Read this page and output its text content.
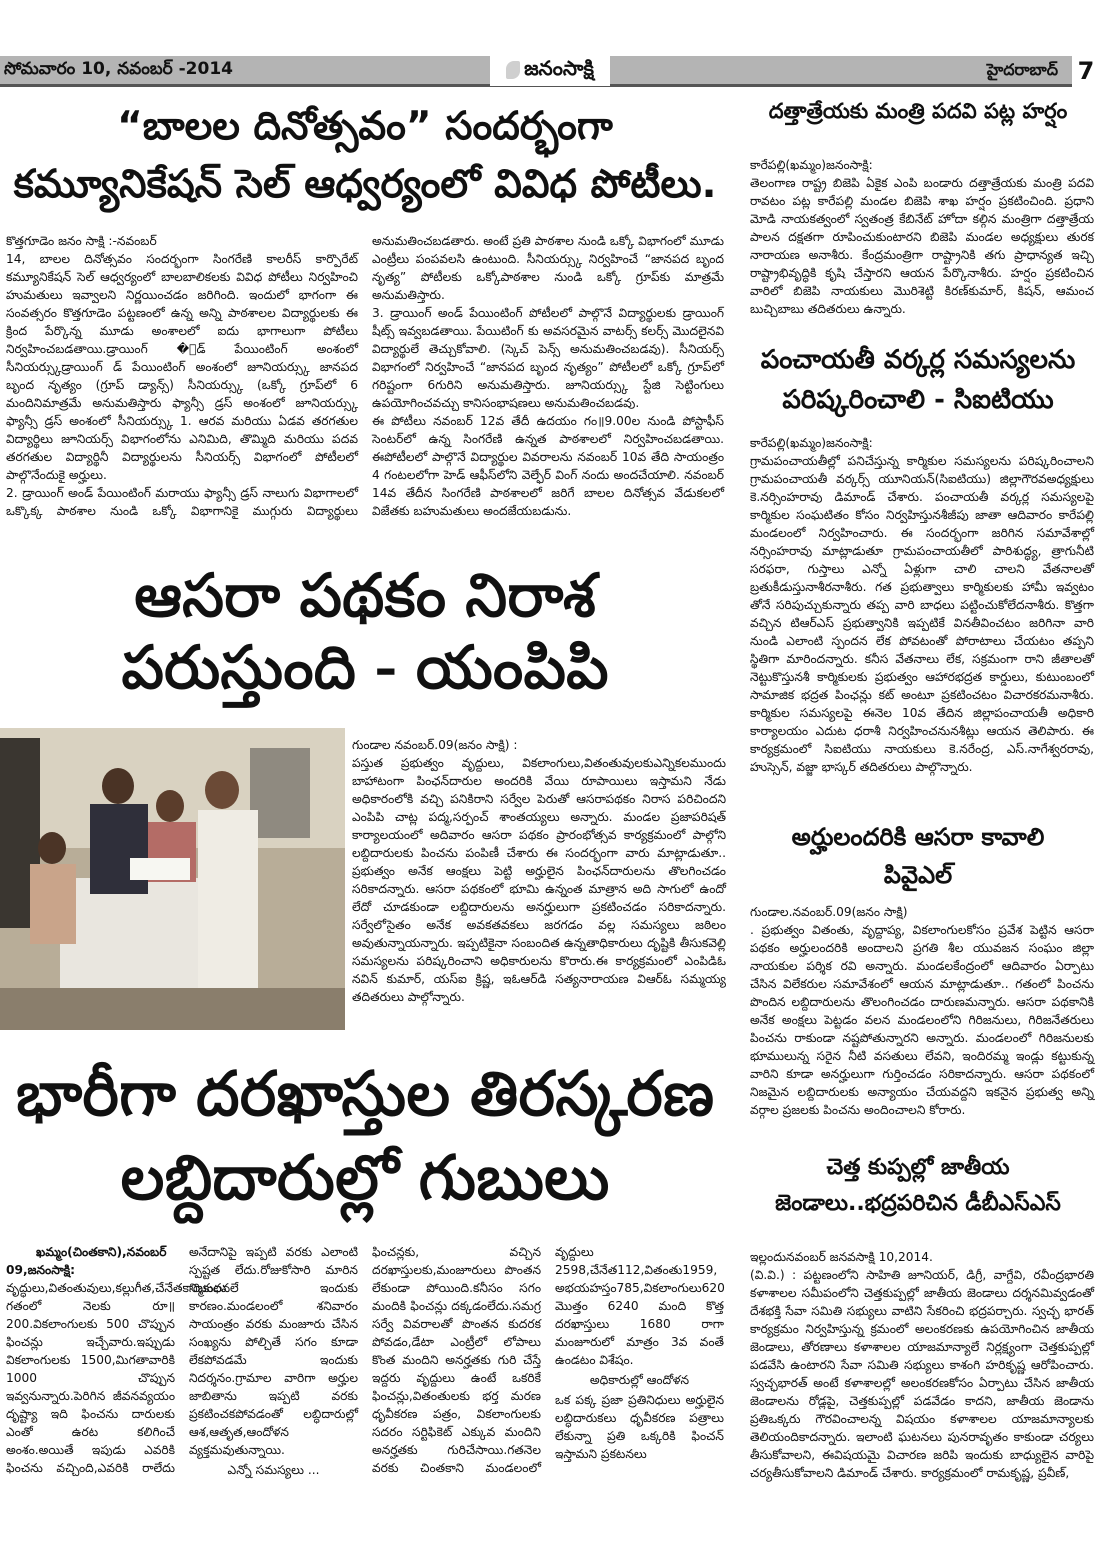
సోమవారం 10, నవంబర్ -2014	జనంసాక్షి	హైదరాబాద్ 7
“బాలల దినోత్సవం” సందర్భంగా
కమ్యూనికేషన్ సెల్ ఆధ్వర్యంలో వివిధ పోటీలు.
కొత్తగూడెం జనం సాక్షి :-నవంబర్

14, బాలల దినోత్సవం సందర్భంగా సింగరేణి కాలరీస్ కార్పొరేట్ కమ్యూనికేషన్ సెల్ ఆధ్వర్యంలో బాలబాలికలకు వివిధ పోటీలు నిర్వహించి హుమతులు ఇవ్వాలని నిర్ణయించడం జరిగింది. ఇందులో భాగంగా ఈ సంవత్సరం కొత్తగూడెం పట్టణంలో ఉన్న అన్ని పాఠశాలల విద్యార్థులకు ఈ క్రింద పేర్కొన్న మూడు అంశాలలో ఐదు భాగాలుగా పోటీలు నిర్వహించబడతాయి.డ్రాయింగ్ �ండ్ పేయింటింగ్ అంశంలో సీనియర్స్కుడ్రాయింగ్ డ్ పేయింటింగ్ అంశంలో జూనియర్స్కు జానపద బృంద నృత్యం (గ్రూప్ డ్యాన్స్) సీనియర్స్కు (ఒక్కో గ్రూప్‌లో 6 మందినిమాత్రమే అనుమతిస్తారు ఫ్యాన్సీ డ్రస్ అంశంలో జూనియర్స్కు ఫ్యాన్సీ డ్రస్ అంశంలో సీనియర్స్కు 1. ఆరవ మరియు ఏడవ తరగతుల విద్యార్థిలు జూనియర్స్ విభాగంలోను ఎనిమిది, తొమ్మిది మరియు పదవ తరగతుల విద్యార్థినీ విద్యార్థులను సీనియర్స్ విభాగంలో పోటీలలో పాల్గొనేందుకై అర్హులు.

2. డ్రాయింగ్ అండ్ పేయింటింగ్ మరాయు ఫ్యాన్సీ డ్రస్ నాలుగు విభాగాలలో ఒక్కొక్క పాఠశాల నుండి ఒక్కో విభాగానికై ముగ్గురు విద్యార్థులు అనుమతించబడతారు. అంటే ప్రతి పాఠశాల నుండి ఒక్కో విభాగంలో మూడు ఎంట్రీలు పంపవలసి ఉంటుంది. సీనియర్స్కు నిర్వహించే “జానపద బృంద నృత్య” పోటీలకు ఒక్కోపాఠశాల నుండి ఒక్కో గ్రూప్‌కు మాత్రమే అనుమతిస్తారు.

3. డ్రాయింగ్ అండ్ పేయింటింగ్ పోటీలలో పాల్గొనే విద్యార్థులకు డ్రాయింగ్ షీట్స్ ఇవ్వబడతాయి. పేయిటింగ్ కు అవసరమైన వాటర్స్ కలర్స్ మొదలైనవి విద్యార్థులే తెచ్చుకోవాలి. (స్కెచ్ పెన్స్ అనుమతించబడవు). సీనియర్స్ విభాగంలో నిర్వహించే “జానపద బృంద నృత్యం” పోటీలలో ఒక్కో గ్రూప్‌లో గరిష్టంగా 6గురిని అనుమతిస్తారు. జూనియర్స్కు స్టేజి సెట్టింగులు ఉపయోగించవచ్చు కానిసంభాషణలు అనుమతించబడవు.

ఈ పోటీలు నవంబర్ 12వ తేదీ ఉదయం గం॥9.00ల నుండి పోస్టాఫీస్ సెంటర్‌లో ఉన్న సింగరేణి ఉన్నత పాఠశాలలో నిర్వహించబడతాయి. ఈపోటీలలో పాల్గొనే విద్యార్థుల వివరాలను నవంబర్ 10వ తేది సాయంత్రం 4 గంటలలోగా హెడ్ ఆఫీస్‌లోని వెల్ఫేర్ వింగ్ నందు అందచేయాలి. నవంబర్ 14వ తేదీన సింగరేణి పాఠశాలలో జరిగే బాలల దినోత్సవ వేడుకలలో విజేతకు బహుమతులు అందజేయబడును.

ఆసరా పథకం నిరాశ
పరుస్తుంది - యంపిపి
గుండాల నవంబర్.09(జనం సాక్షి) :

పస్తుత ప్రభుత్వం వృద్దులు, వికలాంగులు,వితంతువులకుఎన్నికలముందు బాహాటంగా పింఛన్‌దారుల అందరికి వేయి రూపాయిలు ఇస్తామని నేడు అధికారంలోకి వచ్చి పనికిరాని సర్వేల పెరుతో ఆసరాపథకం నిరాస పరిచిందని ఎంపిపి చాట్ల పద్మ,సర్పంచ్ శాంతయ్యలు అన్నారు. మండల ప్రజాపరిషత్ కార్యాలయంలో అదివారం ఆసరా పథకం ప్రారంభోత్సవ కార్యక్రమంలో పాల్గోని లబ్దిదారులకు పించను పంపిణీ చేశారు ఈ సందర్భంగా వారు మాట్లాడుతూ.. ప్రభుత్వం అనేక ఆంక్షలు పెట్టి అర్హులైన పింఛన్‌దారులను తొలగించడం సరికాదన్నారు. ఆసరా పథకంలో భూమి ఉన్నంత మాత్రాన అది సాగులో ఉందో లేదో చూడకుండా లబ్దిదారులను అనర్హులుగా ప్రకటించడం సరికాదన్నారు. సర్వేలోసైతం అనేక అవకతవకలు జరగడం వల్ల సమస్యలు జఠిలం అవుతున్నాయన్నారు. ఇప్పటికైనా సంబందిత ఉన్నతాధికారులు దృష్టికి తీసుకవెల్లి సమస్యలను పరిష్కరించాని అధికారులను కొరారు.ఈ కార్యక్రమంలో ఎంపిడిఓ నవిన్ కుమార్, యస్ఐ క్రిష్ణ, ఇఓఆర్‌డి సత్యనారాయణ విఆర్ఓ సమ్మయ్య తదితరులు పాల్గోన్నారు.

భారీగా దరఖాస్తుల తిరస్కరణ
లబ్దిదారుల్లో గుబులు
ఖమ్మం(చింతకాని),నవంబర్ 09,జనంసాక్షి:

వృద్ధులు,వితంతువులు,కల్లుగీత,చేనేతకార్మికులు గతంలో నెలకు రూ॥200.వికలాంగులకు 500 చొప్పున ఫించన్లు ఇచ్చేవారు.ఇప్పుడు వికలాంగులకు 1500,మిగతావారికి 1000 చొప్పున ఇవ్వనున్నారు.పెరిగిన జీవనవ్యయం దృష్ట్యా ఇది ఫించను దారులకు ఎంతో ఉరట కలిగించే అంశం.అయితే ఇపుడు ఎవరికి ఫించను వచ్చింది,ఎవరికి రాలేదు అనేదానిపై ఇప్పటి వరకు ఎలాంటి స్పష్టత లేదు.రోజుకోసారి మారిన నిబంధనలే ఇందుకు కారణం.మండలంలో శనివారం సాయంత్రం వరకు మంజూరు చేసిన సంఖ్యను పోల్చితే సగం కూడా లేకపోవడమే ఇందుకు నిదర్శనం.గ్రామాల వారిగా అర్హుల జాబితాను ఇప్పటి వరకు ప్రకటించకపోవడంతో లబ్ధిదారుల్లో ఆశ,ఆతృత,ఆందోళన వ్యక్తమవుతున్నాయి.

ఎన్నో సమస్యలు ...

ఫించన్లకు, వచ్చిన దరఖాస్తులకు,మంజూరులు పొంతన లేకుండా పోయింది.కనీసం సగం మందికి ఫించన్లు దక్కడంలేదు.సమగ్ర సర్వే వివరాలతో పొంతన కుదరక పోవడం,డేటా ఎంట్రీలో లోపాలు కొంత మందిని అనర్హతకు గురి చేస్తే ఇద్దరు వృద్దులు ఉంటే ఒకరికే ఫించన్లు,వితంతులకు భర్త మరణ ధృవీకరణ పత్రం, వికలాంగులకు సదరం సర్టిఫికెట్ ఎక్కువ మందిని అనర్హతకు గురిచేసాయి.గతనెల వరకు చింతకాని మండలంలో వృద్దులు 2598,చేనేత112,వితంతు1959, అభయహస్తం785,వికలాంగులు620 మొత్తం 6240 మంది కొత్త దరఖాస్తులు 1680 రాగా మంజూరులో మాత్రం 3వ వంతే ఉండటం విశేషం.

అధికారుల్లో ఆందోళన

ఒక పక్క ప్రజా ప్రతినిధులు అర్హులైన లబ్ధిదారుకలు ధృవీకరణ పత్రాలు లేకున్నా ప్రతి ఒక్కరికి ఫించన్ ఇస్తామని ప్రకటనలు

దత్తాత్రేయకు మంత్రి పదవి పట్ల హర్షం
కారేపల్లి(ఖమ్మం)జనంసాక్షి:

తెలంగాణ రాష్ట్ర బిజెపి ఏకైక ఎంపి బండారు దత్తాత్రేయకు మంత్రి పదవి రావటం పట్ల కారేపల్లి మండల బిజెపి శాఖ హర్షం ప్రకటించింది. ప్రధాని మోడి నాయకత్వంలో స్వతంత్ర కేబినేట్ హోదా కల్గిన మంత్రిగా దత్తాత్రేయ పాలన దక్షతగా రూపించుకుంటారని బిజెపి మండల అధ్యక్షులు తురక నారాయణ అనాశీరు. కేంద్రమంత్రిగా రాష్ట్రానికి తగు ప్రాధాన్యత ఇచ్చి రాష్ట్రాభివృద్ధికి కృషి చేస్తారని ఆయన పేర్కొనాశీరు. హర్షం ప్రకటించిన వారిలో బిజెపి నాయకులు మొరిశెట్టి కిరణ్‌కుమార్, కిషన్, ఆమంచ బుచ్చిబాబు తదితరులు ఉన్నారు.

పంచాయతీ వర్కర్ల సమస్యలను
పరిష్కరించాలి - సిఐటియు
కారేపల్లి(ఖమ్మం)జనంసాక్షి:

గ్రామపంచాయతీల్లో పనిచేస్తున్న కార్మికుల సమస్యలను పరిష్కరించాలని గ్రామపంచాయతీ వర్కర్స్ యూనియన్(సిఐటియు) జిల్లాగౌరవఅధ్యక్షులు కె.నర్సింహరావు డిమాండ్ చేశారు. పంచాయతీ వర్కర్ల సమస్యలపై కార్మికుల సంఘటితం కోసం నిర్వహిస్తునశీజీపు జాతా ఆదివారం కారేపల్లి మండలంలో నిర్వహించారు. ఈ సందర్భంగా జరిగిన సమావేశాల్లో నర్సింహరావు మాట్లాడుతూ గ్రామపంచాయతీలో పారిశుద్ధ్య, త్రాగునీటి సరఫరా, గుస్తాలు ఎన్నో ఏళ్లుగా చాలి చాలని వేతనాలతో బ్రతుకీడుస్తునాశీరనాశీరు. గత ప్రభుత్వాలు కార్మికులకు హామీ ఇవ్వటం తోనే సరిపుచ్చుకున్నారు తప్ప వారి బాధలు పట్టించుకోలేదనాశీరు. కొత్తగా వచ్చిన టిఆర్ఎస్ ప్రభుత్వానికి ఇప్పటికే వినతీవించటం జరిగినా వారి నుండి ఎలాంటి స్పందన లేక పోవటంతో పోరాటాలు చేయటం తప్పని స్థితిగా మారిందన్నారు. కనీస వేతనాలు లేక, సక్రమంగా రాని జీతాలతో నెట్టుకొస్తునశీ కార్మికులకు ప్రభుత్వం ఆహారభద్రత కార్డులు, కుటుంబంలో సామాజిక భద్రత పింఛన్లు కట్ అంటూ ప్రకటించటం విచారకరమనాశీరు. కార్మికుల సమస్యలపై ఈనెల 10వ తేదిన జిల్లాపంచాయతీ అధికారి కార్యాలయం ఎదుట ధరాశీ నిర్వహించనునశీట్లు ఆయన తెలిపారు. ఈ కార్యక్రమంలో సిఐటియు నాయకులు కె.నరేంద్ర, ఎస్.నాగేశ్వరరావు, హుస్సెన్, వజ్జా భాస్కర్ తదితరులు పాల్గొన్నారు.

అర్హులందరికి ఆసరా కావాలి
పివైఎల్
గుండాల.నవంబర్.09(జనం సాక్షి)

. ప్రభుత్వం వితంతు, వృద్దాప్య, వికలాంగులకోసం ప్రవేశ పెట్టిన ఆసరా పథకం అర్హులందరికి అందాలని ప్రగతి శీల యువజన సంఘం జిల్లా నాయకుల పర్శిక రవి అన్నారు. మండలకేంద్రంలో ఆదివారం ఏర్పాటు చేసిన విలేకరుల సమావేశంలో ఆయన మాట్లాడుతూ.. గతంలో పించను పొందిన లబ్దిదారులను తొలంగించడం దారుణమన్నారు. ఆసరా పథకానికి అనేక అంక్షలు పెట్టడం వలన మండలంలోని గిరిజనులు, గిరిజనేతరులు పించను రాకుండా నష్టపోతున్నారని అన్నారు. మండలంలో గిరిజనులకు భూములున్న సరైన నీటి వసతులు లేవని, ఇందిరమ్మ ఇండ్లు కట్టుకున్న వారిని కూడా అనర్హులుగా గుర్తించడం సరికాదన్నారు. ఆసరా పథకంలో నిజమైన లబ్దిదారులకు అన్యాయం చేయవద్దని ఇకనైన ప్రభుత్వ అన్ని వర్గాల ప్రజలకు పించను అందించాలని కోరారు.

చెత్త కుప్పల్లో జాతీయ
జెండాలు..భద్రపరిచిన డీబీఎస్ఎస్
ఇల్లందునవంబర్ జనవసాక్షి 10,2014.

(వి.వి.) : పట్టణంలోని సాహితి జూనియర్, డిగ్రీ, వాగ్దేవి, రవీంద్రభారతి కళాశాలల సమీపంలోని చెత్తకుప్పల్లో జాతీయ జెండాలు దర్శనమివ్వడంతో దేశభక్తి సేవా సమితి సభ్యులు వాటిని సేకరించి భద్రపర్చారు. స్వచ్ఛ భారత్ కార్యక్రమం నిర్వహిస్తున్న క్రమంలో అలంకరణకు ఉపయోగించిన జాతీయ జెండాలు, తోరణాలు కళాశాలల యాజమాన్యాలే నిర్లక్ష్యంగా చెత్తకుప్పల్లో పడవేసి ఉంటారని సేవా సమితి సభ్యులు కాశంగి హరికృష్ణ ఆరోపించారు. స్వచ్ఛభారత్ అంటే కళాశాలల్లో అలంకరణకోసం ఏర్పాటు చేసిన జాతీయ జెండాలను రోడ్లపై, చెత్తకుప్పల్లో పడవేడం కాదని, జాతీయ జెండాను ప్రతిఒక్కరు గౌరవించాలన్న విషయం కళాశాలల యాజమాన్యాలకు తెలియందికాదన్నారు. ఇలాంటి ఘటనలు పునరావృతం కాకుండా చర్యలు తీసుకోవాలని, ఈవిషయమై విచారణ జరిపి ఇందుకు బాధ్యులైన వారిపై చర్యతీసుకోవాలని డిమాండ్ చేశారు. కార్యక్రమంలో రామకృష్ణ, ప్రవీణ్,
